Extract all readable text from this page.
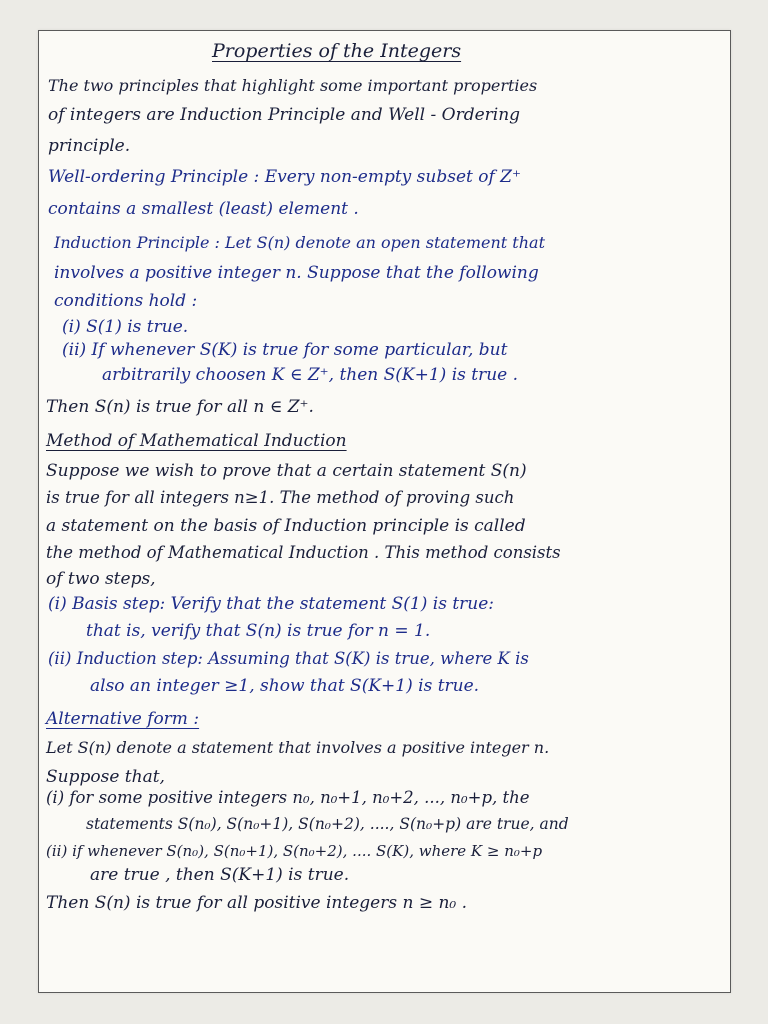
Properties of the Integers
The two principles that highlight some important properties
of integers are Induction Principle and Well - Ordering
principle.
Well-ordering Principle : Every non-empty subset of Z⁺
contains a smallest (least) element .
Induction Principle : Let S(n) denote an open statement that
involves a positive integer n. Suppose that the following
conditions hold :
(i) S(1) is true.
(ii) If whenever S(K) is true for some particular, but
arbitrarily choosen K ∈ Z⁺, then S(K+1) is true .
Then S(n) is true for all n ∈ Z⁺.
Method of Mathematical Induction
Suppose we wish to prove that a certain statement S(n)
is true for all integers n≥1. The method of proving such
a statement on the basis of Induction principle is called
the method of Mathematical Induction . This method consists
of two steps,
(i) Basis step: Verify that the statement S(1) is true:
that is, verify that S(n) is true for n = 1.
(ii) Induction step: Assuming that S(K) is true, where K is
also an integer ≥1, show that S(K+1) is true.
Alternative form :
Let S(n) denote a statement that involves a positive integer n.
Suppose that,
(i) for some positive integers n₀, n₀+1, n₀+2, ..., n₀+p, the
statements S(n₀), S(n₀+1), S(n₀+2), ...., S(n₀+p) are true, and
(ii) if whenever S(n₀), S(n₀+1), S(n₀+2), .... S(K), where K ≥ n₀+p
are true , then S(K+1) is true.
Then S(n) is true for all positive integers n ≥ n₀ .
